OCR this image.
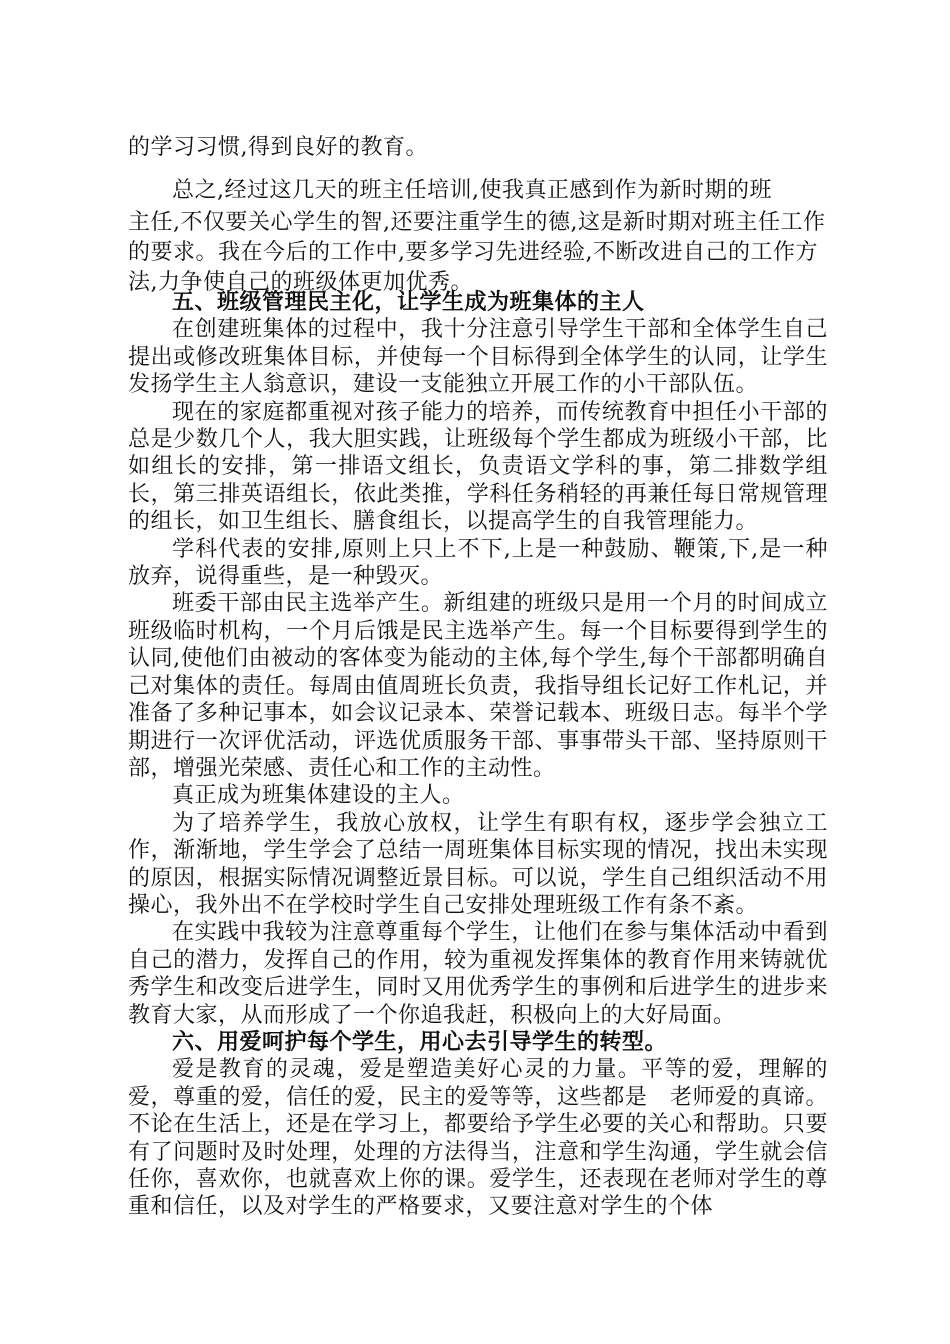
的学习习惯,得到良好的教育。

总之,经过这几天的班主任培训,使我真正感到作为新时期的班

主任,不仅要关心学生的智,还要注重学生的德,这是新时期对班主任工作的要求。我在今后的工作中,要多学习先进经验,不断改进自己的工作方法,力争使自己的班级体更加优秀。

五、班级管理民主化，让学生成为班集体的主人

在创建班集体的过程中，我十分注意引导学生干部和全体学生自己提出或修改班集体目标，并使每一个目标得到全体学生的认同，让学生发扬学生主人翁意识，建设一支能独立开展工作的小干部队伍。

现在的家庭都重视对孩子能力的培养，而传统教育中担任小干部的总是少数几个人，我大胆实践，让班级每个学生都成为班级小干部，比如组长的安排，第一排语文组长，负责语文学科的事，第二排数学组长，第三排英语组长，依此类推，学科任务稍轻的再兼任每日常规管理的组长，如卫生组长、膳食组长，以提高学生的自我管理能力。

学科代表的安排,原则上只上不下,上是一种鼓励、鞭策,下,是一种放弃，说得重些，是一种毁灭。

班委干部由民主选举产生。新组建的班级只是用一个月的时间成立班级临时机构，一个月后饿是民主选举产生。每一个目标要得到学生的认同,使他们由被动的客体变为能动的主体,每个学生,每个干部都明确自己对集体的责任。每周由值周班长负责，我指导组长记好工作札记，并准备了多种记事本，如会议记录本、荣誉记载本、班级日志。每半个学期进行一次评优活动，评选优质服务干部、事事带头干部、坚持原则干部，增强光荣感、责任心和工作的主动性。

真正成为班集体建设的主人。

为了培养学生，我放心放权，让学生有职有权，逐步学会独立工作，渐渐地，学生学会了总结一周班集体目标实现的情况，找出未实现的原因，根据实际情况调整近景目标。可以说，学生自己组织活动不用操心，我外出不在学校时学生自己安排处理班级工作有条不紊。

在实践中我较为注意尊重每个学生，让他们在参与集体活动中看到自己的潜力，发挥自己的作用，较为重视发挥集体的教育作用来铸就优秀学生和改变后进学生，同时又用优秀学生的事例和后进学生的进步来教育大家，从而形成了一个你追我赶，积极向上的大好局面。

六、用爱呵护每个学生，用心去引导学生的转型。

爱是教育的灵魂，爱是塑造美好心灵的力量。平等的爱，理解的爱，尊重的爱，信任的爱，民主的爱等等，这些都是　老师爱的真谛。不论在生活上，还是在学习上，都要给予学生必要的关心和帮助。只要有了问题时及时处理，处理的方法得当，注意和学生沟通，学生就会信任你，喜欢你，也就喜欢上你的课。爱学生，还表现在老师对学生的尊重和信任，以及对学生的严格要求，又要注意对学生的个体
